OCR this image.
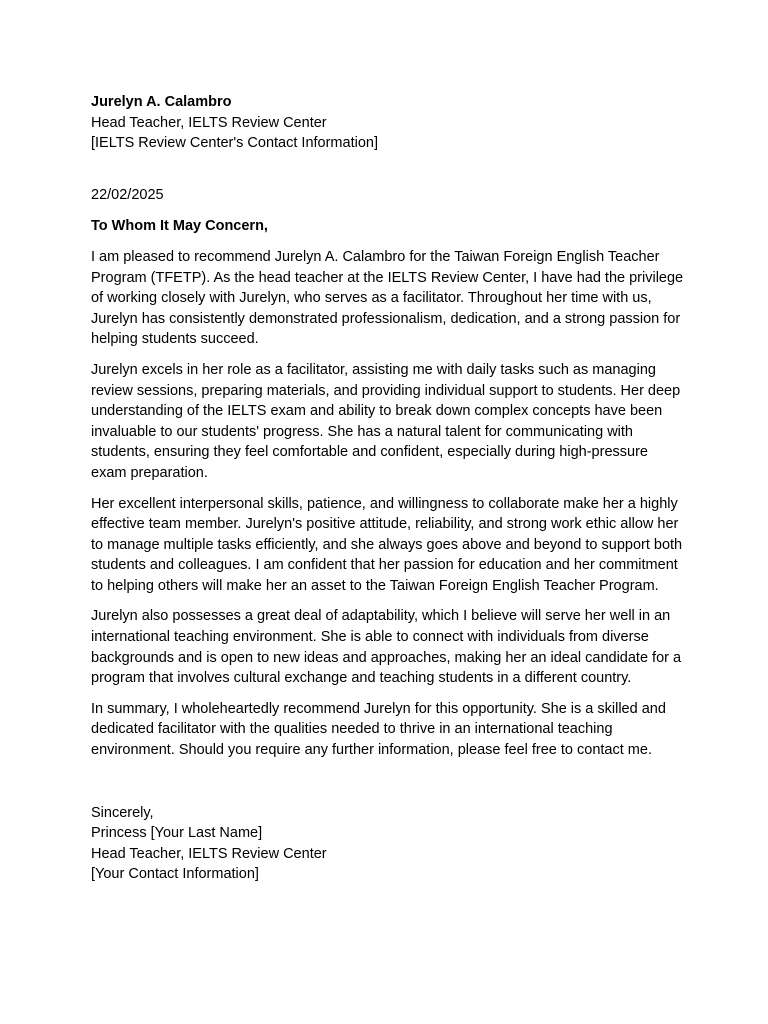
Jurelyn A. Calambro
Head Teacher, IELTS Review Center
[IELTS Review Center's Contact Information]
22/02/2025
To Whom It May Concern,

I am pleased to recommend Jurelyn A. Calambro for the Taiwan Foreign English Teacher Program (TFETP). As the head teacher at the IELTS Review Center, I have had the privilege of working closely with Jurelyn, who serves as a facilitator. Throughout her time with us, Jurelyn has consistently demonstrated professionalism, dedication, and a strong passion for helping students succeed.

Jurelyn excels in her role as a facilitator, assisting me with daily tasks such as managing review sessions, preparing materials, and providing individual support to students. Her deep understanding of the IELTS exam and ability to break down complex concepts have been invaluable to our students' progress. She has a natural talent for communicating with students, ensuring they feel comfortable and confident, especially during high-pressure exam preparation.

Her excellent interpersonal skills, patience, and willingness to collaborate make her a highly effective team member. Jurelyn's positive attitude, reliability, and strong work ethic allow her to manage multiple tasks efficiently, and she always goes above and beyond to support both students and colleagues. I am confident that her passion for education and her commitment to helping others will make her an asset to the Taiwan Foreign English Teacher Program.

Jurelyn also possesses a great deal of adaptability, which I believe will serve her well in an international teaching environment. She is able to connect with individuals from diverse backgrounds and is open to new ideas and approaches, making her an ideal candidate for a program that involves cultural exchange and teaching students in a different country.

In summary, I wholeheartedly recommend Jurelyn for this opportunity. She is a skilled and dedicated facilitator with the qualities needed to thrive in an international teaching environment. Should you require any further information, please feel free to contact me.

Sincerely,
Princess [Your Last Name]
Head Teacher, IELTS Review Center
[Your Contact Information]
